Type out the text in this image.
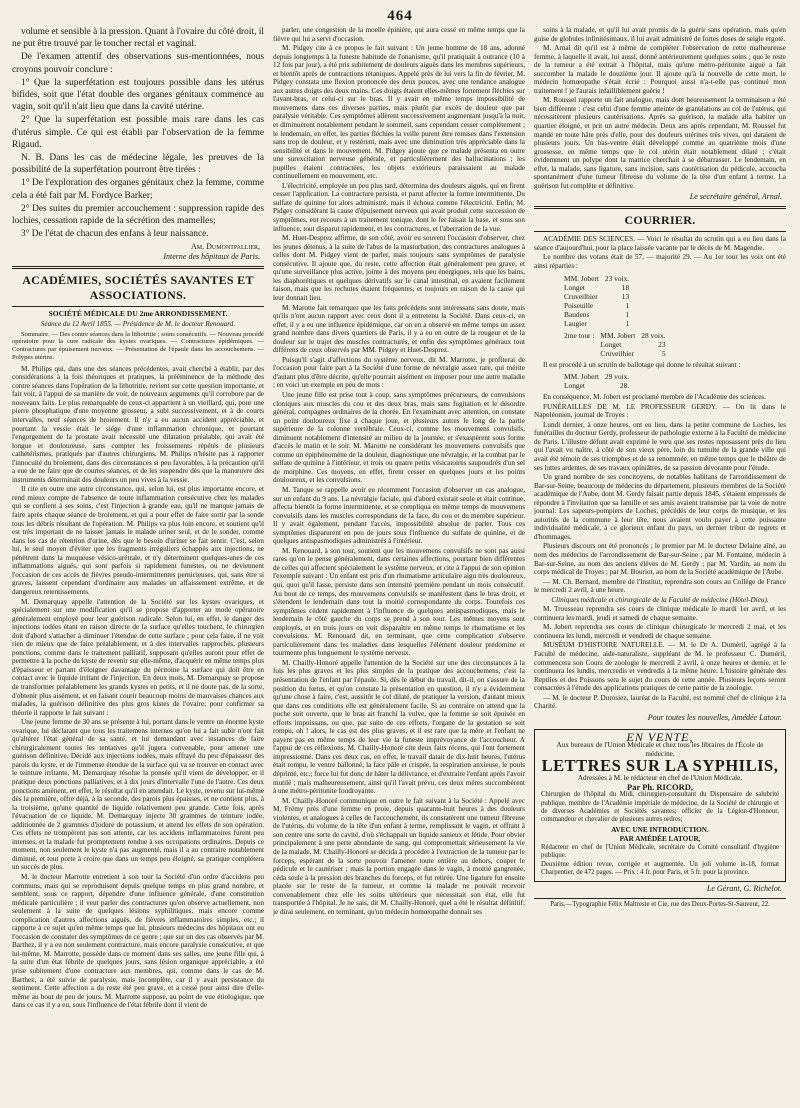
464

volume et sensible à la pression. Quant à l'ovaire du côté droit, il ne put être trouvé par le toucher rectal et vaginal.

De l'examen attentif des observations sus-mentionnées, nous croyons pouvoir conclure :

1° Que la superfétation est toujours possible dans les utérus bifides, soit que l'état double des organes génitaux commence au vagin, soit qu'il n'ait lieu que dans la cavité utérine.

2° Que la superfétation est possible mais rare dans les cas d'utérus simple. Ce qui est établi par l'observation de la femme Rigaud.

N. B. Dans les cas de médecine légale, les preuves de la possibilité de la superfétation pourront être tirées :

1° De l'exploration des organes génitaux chez la femme, comme cela a été fait par M. Fordyce Barker;

2° Des suites du premier accouchement : suppression rapide des lochies, cessation rapide de la sécrétion des mamelles;

3° De l'état de chacun des enfans à leur naissance.

Am. Dumontpallier,
Interne des hôpitaux de Paris.
ACADÉMIES, SOCIÉTÉS SAVANTES ET ASSOCIATIONS.
SOCIÉTÉ MÉDICALE DU 2me ARRONDISSEMENT.
Séance du 12 Avril 1855. — Présidence de M. le docteur Renouard.
Sommaire. — Des contre séances dans la lithotritie ; soins consécutifs. — Nouveau procédé opératoire pour la cure radicale des kystes ovariques. — Contractures épidémiques. — Contractures par épuisement nerveux. — Présentation de l'épaule dans les accouchemens. — Polypes utérins.

M. Philips qui, dans une des séances précédentes, avait cherché à établir, par des considérations à la fois théoriques et pratiques, la prééminence de la méthode des contre séances dans l'opération de la lithotritie, revient sur cette question importante, et fait voir, à l'appui de sa manière de voir, de nouveaux arguments qu'il corrobore par de nouveaux faits. Le plus remarquable de ceux-ci appartient à un vieillard, qui, pour une pierre phosphatique d'une moyenne grosseur, a subi successivement, et à de courts intervalles, neuf séances de broiement. Il n'y a eu aucun accident appréciable, et pourtant la vessie était le siége d'une inflammation chronique, et pourtant l'engorgement de la prostate avait nécessité une dilatation préalable, qui avait été longue et douloureuse, sans compter les froissements répétés de plusieurs cathétérismes, pratiqués par d'autres chirurgiens. M. Philips n'hésite pas à rapporter l'innocuité du broiement, dans des circonstances si peu favorables, à la précaution qu'il a eue de ne faire que de courtes séances, et de les suspendre dès que la manœuvre des instruments déterminait des douleurs un peu vives à la vessie.

Il cite en outre une autre circonstance, qui, selon lui, est plus importante encore, et rend mieux compte de l'absence de toute inflammation consécutive chez les malades qui se confient à ses soins, c'est l'injection à grande eau, qu'il ne manque jamais de faire après chaque séance de broiement, et qui a pour effet de faire sortir par la sonde tous les débris résultant de l'opération. M. Philips va plus loin encore, et soutient qu'il est très important de ne laisser jamais le malade uriner seul, et de le sonder, comme dans les cas de rétention d'urine, dès que le besoin d'uriner se fait sentir. C'est, selon lui, le seul moyen d'éviter que les fragments irréguliers échappés aux injections, ne pénètrent dans la muqueuse vésico-urétrale, et n'y déterminent quelques-unes de ces inflammations aiguës, qui sont parfois si rapidement funestes, ou ne deviennent l'occasion de ces accès de fièvres pseudo-intermittentes pernicieuses, qui, sans être si graves, laissent cependant d'ordinaire aux malades un affaissement extrême, et de dangereux retentissements.

M. Demarquay appelle l'attention de la Société sur les kystes ovariques, et spécialement sur une modification qu'il se propose d'apporter au mode opératoire généralement employé pour leur guérison radicale. Selon lui, en effet, le danger des injections iodées étant en raison directe de la surface qu'elles touchent, le chirurgien doit d'abord s'attacher à diminuer l'étendue de cette surface ; pour cela faire, il ne voit rien de mieux que de faire préalablement, et à des intervalles rapprochés, plusieurs ponctions, comme dans le traitement palliatif, supposant qu'elles auront pour effet de permettre à la poche du kyste de revenir sur elle-même, d'acquérir en même temps plus d'épaisseur et partant d'éloigner davantage du péritoine la surface qui doit être en contact avec le liquide irritant de l'injection. En deux mots, M. Demarquay se propose de transformer préalablement les grands kystes en petits, et il ne doute pas, de la sorte, d'obtenir plus aisément, et en faisant courir beaucoup moins de mauvaises chances aux malades, la guérison définitive des plus gros kistes de l'ovaire; pour confirmer sa théorie il rapporte le fait suivant :

Une jeune femme de 30 ans se présente à lui, portant dans le ventre un énorme kyste ovarique, lui déclarant que tous les traitemens internes qu'on lui a fait subir n'ont fait qu'altérer l'état général de sa santé, et lui demandant avec instances de faire chirurgicalement toutes les tentatives qu'il jugera convenable, pour amener une guérison définitive. Décidé aux injections iodées, mais effrayé du peu d'épaisseur des parois du kyste, et de l'immense étendue de la surface qui va se trouver en contact avec le teinture irritante, M. Demarquay résolue la ponsée qu'il vient de développer, et il pratique deux ponctions palliatives, et à dix jours d'intervalle l'une de l'autre. Ces deux ponctions amènent, en effet, le résultat qu'il en attendait. Le kyste, revenu sur lui-même dès la première, offre déjà, à la seconde, des parois plus épaisses, et ne contient plus, à la troisième, qu'une quantité de liquide relativement peu grande. Cette fois, après l'évacuation de ce liquide, M. Demarquay injecte 30 grammes de teinture iodée, additionnée de 2 grammes d'iodure de potassium, et attend les effets de son opération. Ces effets ne trompèrent pas son attente, car les accidens inflammatoires furent peu intenses, et la malade fut promptement rendue à ses occupations ordinaires. Depuis ce moment, non seulement le kyste n'a pas augmenté, mais il a au contraire notablement diminué, et tout porte à croire que dans un temps peu éloigné, sa pratique complétera un succès de plus.

M. le docteur Marrotte entretient à son tour la Société d'un ordre d'accidens peu communs, mais qui se reproduisent depuis quelque temps en plus grand nombre, et semblent, sous ce rapport, dépendre d'une influence générale, d'une constitution médicale particulière ; il veut parler des contractures qu'on observe actuellement, non seulement à la suite de quelques lésions syphilitiques, mais encore comme complication d'autres affections aiguës, de fièvres inflammatoires simples, etc.; il rapporte à ce sujet qu'en même temps que lui, plusieurs médecins des hôpitaux ont eu l'occasion de constater des symptômes de ce genre ; que sur un des cas observés par M. Barthez, il y a eu non seulement contracture, mais encore paralysie consécutive, et que lui-même, M. Marrotte, possède dans ce moment dans ses salles, une jeune fille qui, à la suite d'un état fébrile de quelques jours, sans lésion organique appréciable, a été prise subitement d'une contracture aux membres, qui, comme dans le cas de M. Barthez, a été suivie de paralysie, mais incomplète, car il y avait persistance du sentiment. Cette affection a du reste été peu grave, et a cessé pour ainsi dire d'elle-même au bout de peu de jours. M. Marrotte suppose, au point de vue étiologique, que dans ce cas il y a eu, sous l'influence de l'état fébrile dont il vient de

parler, une congestion de la moelle épinière, qui aura cessé en même temps que la fièvre qui lui a servi d'occasion.

M. Pidgey cite à ce propos le fait suivant : Un jeune homme de 18 ans, adonné depuis longtemps à la funeste habitude de l'onanisme, qu'il pratiquait à outrance (10 à 12 fois par jour), a été pris subitement de douleurs aiguës dans les membres supérieurs, et bientôt après de contractions tétaniques. Appelé près de lui vers la fin de février, M. Pidgey constata une flexion prononcée des deux pouces, avec une tendance analogue aux autres doigts des deux mains. Ces doigts étaient elles-mêmes fortement fléchies sur l'avant-bras, et celui-ci sur le bras. Il y avait en même temps impossibilité de mouvemens dans ces diverses parties, mais plutôt par excès de douleur que par paralysie véritable. Ces symptômes allèrent successivement augmentant jusqu'à la nuit, et diminuèrent notablement pendant le sommeil, sans cependant cesser complètement ; le lendemain, en effet, les parties fléchies la veille purent être remises dans l'extension sans trop de douleur, et y restèrent, mais avec une diminution très appréciable dans la sensibilité et dans le mouvement. M. Pidgey ajoute que ce malade présenta en outre une surexcitation nerveuse générale, et particulièrement des hallucinations ; les pupilles étaient contractées, les objets extérieurs paraissaient au malade continuellement en mouvement, etc.

L'électricité, employée un peu plus tard, détermina des douleurs aiguës, qui en firent cesser l'application. La contracture persista, et parut affecter la forme intermittente. Du sulfate de quinine fut alors administré, mais il échoua comme l'électricité. Enfin, M. Pidgey considérant la cause d'épuisement nerveux qui avait produit cette succession de symptômes, eut recours à un traitement tonique, dont le fer faisait la base, et sous son influence, tout disparut rapidement, et les contractures, et l'aberration de la vue.

M. Huet-Desprez affirme, de son côté, avoir eu souvent l'occasion d'observer, chez les jeunes détenus, à la suite de l'abus de la masturbation, des contractures analogues à celles dont M. Pidgey vient de parler, mais toujours sans symptômes de paralysie consécutive. Il ajoute que, du reste, cette affection était généralement peu grave, et qu'une surveillance plus active, jointe à des moyens peu énergiques, tels que les bains, les diaphorétiques et quelques dérivatifs sur le canal intestinal, en avaient facilement raison, mais que les rechutes étaient fréquentes, et toujours en raison de la cause qui leur donnait lieu.

M. Marotte fait remarquer que les faits précédens sont intéressans sans doute, mais qu'ils n'ont aucun rapport avec ceux dont il a entretenu la Société. Dans ceux-ci, en effet, il y a eu une influence épidémique, car on en a observé en même temps un assez grand nombre dans divers quartiers de Paris, il y a eu en outre de la rougeur et de la douleur sur le trajet des muscles contracturés, et enfin des symptômes généraux tout différens de ceux observés par MM. Pidgey et Huet-Desprez.

Puisqu'il s'agit d'affections du système nerveux, dit M. Marrotte, je profiterai de l'occasion pour faire part à la Société d'une forme de névralgie assez rare, qui mérite d'autant plus d'être décrite, qu'elle pourrait aisément en imposer pour une autre maladie ; en voici un exemple en peu de mots :

Une jeune fille est prise tout à coup, sans symptômes précurseurs, de convulsions cloniques aux muscles du cou et des deux bras, mais sans fugitation et le désordre général, compagnes ordinaires de la chorée. En l'examinant avec attention, on constate un point douloureux fixe à chaque joue, et plusieurs autres le long de la partie supérieure de la colonne vertébrale. Ceux-ci, comme les mouvemens convulsifs, diminuent notablement d'intensité au milieu de la journée, et s'exaspèrent sous forme d'accès le matin et le soir. M. Marotte ne considérant les mouvemens convulsifs que comme un épiphénomène de la douleur, diagnostique une névralgie, et la combat par le sulfate de quinine à l'intérieur, et trois ou quatre petits vésicatoires saupoudrés d'un sel de morphine. Ces moyens, en effet, firent cesser en quelques jours et les points douloureux, et les convulsions.

M. Tanque se rappelle avoir eu récemment l'occasion d'observer un cas analogue, sur un enfant du 9 ans. La névralgie faciale, qui d'abord existait seule et était continue, affecta bientôt la forme intermittente, et se compliqua en même temps de mouvemens convulsifs dans les muscles correspondans de la face, du cou et du membre supérieur. Il y avait également, pendant l'accès, impossibilité absolue de parler. Tous ces symptômes disparurent en peu de jours sous l'influence du sulfate de quinine, et de quelques antispasmodiques administrés à l'intérieur.

M. Renouard, à son tour, soutient que les mouvemens convulsifs ne sont pas aussi rares qu'on le pense généralement, dans certaines affections, pourtant bien différentes de celles qui affectent spécialement le système nerveux, et cite à l'appui de son opinion l'exemple suivant : Un enfant est pris d'un rhumatisme articulaire aigu très douloureux, qui, quoi qu'il fasse, persiste dans son intensité première pendant un mois consécutif. Au bout de ce temps, des mouvemens convulsifs se manifestent dans le bras droit, et s'étendent le lendemain dans tout la moitié correspondante du corps. Toutefois ces symptômes cèdent rapidement à l'influence de quelques antispasmodiques, mais le lendemain le côté gauche du corps se prend à son tour. Les mêmes moyens sont employés, et en trois jours on voit disparaître en même temps le rhumatisme et les convulsions. M. Renouard dit, en terminant, que cette complication s'observe particulièrement dans les maladies dans lesquelles l'élément douleur prédomine et tourmente plus longuement le système nerveux.

M. Chailly-Honoré appelle l'attention de la Société sur une des circonstances à la fois les plus graves et les plus simples de la pratique des accouchemens, c'est la présentation de l'enfant par l'épaule. Si, dès le début du travail, dit-il, on s'assure de la position du fœtus, et qu'on constate la présentation en question, il n'y a évidemment qu'une chose à faire, c'est, aussitôt le col dilaté, de pratiquer la version, d'autant mieux que dans ces conditions elle est généralement facile. Si au contraire on attend que la poche soit ouverte, que le bras ait franchi la vulve, que la femme se soit épuisée en efforts impuissans, ou que, par suite de ces efforts, l'organe de la gestation se soit rompu, oh ! alors, le cas est des plus graves, et il est rare que la mère et l'enfant ne payent pas en même temps de leur vie la funeste imprévoyance de l'accoucheur. A l'appui de ces réflexions, M. Chailly-Honoré cite deux faits récens, qui l'ont fortement impressionné. Dans ces deux cas, en effet, le travail datait de dix-huit heures, l'utérus était rompu, le ventre ballonné, la face pâle et crispée, la respiration anxieuse, le pouls déprimé, etc.; force lui fut donc de hâter la délivrance, et d'extraire l'enfant après l'avoir mutilé ; mais malheureusement, ainsi qu'il l'avait prévu, ces deux mères succombèrent à une métro-péritonite foudroyante.

M. Chailly-Honoré communique en outre le fait suivant à la Société : Appelé avec M. Frémy près d'une femme en proie, depuis quarante-huit heures à des douleurs violentes, et analogues à celles de l'accouchement, ils constatèrent une tumeur fibreuse de l'utérus, du volume de la tête d'un enfant à terme, remplissant le vagin, et offrant à son centre une sorte de cavité, d'où s'échappait un liquide sanieux et fétide. Pour obvier principalement à une perte abondante de sang, qui compromettait sérieusement la vie de la malade, M. Chailly-Honoré se décida à procéder à l'extraction de la tumeur par le forceps, espérant de la sorte pouvoir l'amener toute entière au dehors, couper le pédicule et le cautériser ; mais la portion engagée dans le vagin, à moitié gangrenée, céda seule à la pression des branches du forceps, et fut retirée. Une ligature fut ensuite placée sur le reste de la tumeur, et comme la malade ne pouvait recevoir convenablement chez elle les soins ultérieurs que nécessitait son état, elle fut transportée à l'hôpital. Je ne sais, dit M. Chailly-Honoré, quel a été le résultat définitif; je dirai seulement, en terminant, qu'un médecin homœopathe donnait ses

soins à la malade, et qu'il lui avait promis de la guérir sans opération, mais qu'en guise de globules infinitésimaux, il lui avait administré de fortes doses de seigle ergoté.

M. Arnal dit qu'il est à même de compléter l'observation de cette malheureuse femme, à laquelle il avait, lui aussi, donné antérieurement quelques soins ; que le reste de la tumeur a été extrait à l'hôpital, mais qu'une métro-péritonite aiguë a fait succomber la malade le douzième jour. Il ajoute qu'à la nouvelle de cette mort, le médecin homœopathe s'était écrié : Pourquoi aussi n'a-t-elle pas continué mon traitement ! je l'aurais infailliblement guérie !

M. Roussel rapporte un fait analogue, mais dont heureusement la terminaison a été bien différente : c'est celui d'une femme atteinte de granulations au col de l'utérus, qui nécessitèrent plusieurs cautérisations. Après sa guérison, la malade alla habiter un quartier éloigné, et prit un autre médecin. Deux ans après cependant, M. Roussel fut mandé en toute hâte près d'elle, pour des douleurs utérines très vives, qui dataient de plusieurs jours. Un bas-ventre était développé comme au quatrième mois d'une grossesse, en même temps que le col utérin était notablement dilaté ; c'était évidemment un polype dont la matrice cherchait à se débarrasser. Le lendemain, en effet, la malade, sans ligature, sans incision, sans cautérisation du pédicule, accoucha spontanément d'une tumeur fibreuse du volume de la tête d'un enfant à terme. La guérison fut complète et définitive.

Le secrétaire général, Arnal.
COURRIER.

ACADÉMIE DES SCIENCES. — Voici le résultat du scrutin qui a eu lieu dans la séance d'aujourd'hui, pour la place laissée vacante par le décès de M. Magendie.

Le nombre des votans était de 57, — majorité 29. — Au 1er tour les voix ont été ainsi réparties :

MM. Jobert	23 voix.
Longet	18
Cruveilhier	13
Poiseuille	1
Baudens	1
Laugier	1
2me tour :	MM. Jobert	28 voix.
	Longet	23
	Cruveilhier	5

Il est procédé à un scrutin de ballotage qui donne le résultat suivant :

MM. Jobert	29 voix.
Longet	28.

En conséquence, M. Jobert est proclamé membre de l'Académie des sciences.

FUNÉRAILLES DE M. LE PROFESSEUR GERDY. — On lit dans le Napoléonien, journal de Troyes :

Lundi dernier, à onze heures, ont eu lieu, dans la petite commune de Loches, les funérailles du docteur Gerdy, professeur de pathologie externe à la Faculté de médecine de Paris. L'illustre défunt avait exprimé le vœu que ses restes reposassent près du lieu qui l'avait vu naître, à côté de son vieux père, loin du tumulte de la grande ville qui avait été témoin de ses triomphes et de sa renommée, en même temps que le théâtre de ses luttes ardentes, de ses travaux opiniâtres, de sa passion dévorante pour l'étude.

Un grand nombre de ses concitoyens, de notables habitans de l'arrondissement de Bar-sur-Seine, beaucoup de médecins du département, plusieurs membres de la Société académique de l'Aube, dont M. Gerdy faisait partie depuis 1845, s'étaient empressés de répondre à l'invitation que sa famille et ses amis avaient transmise par la voie de notre journal. Les sapeurs-pompiers de Loches, précédés de leur corps de musique, et les autorités de la commune à leur tête, nous avaient voulu payer à cette puissante individualité médicale, à ce glorieux enfant du pays, un dernier tribut de regrets et d'hommages.

Plusieurs discours ont été prononcés ; le premier par M. le docteur Delaine aîné, au nom des médecins de l'arrondissement de Bar-sur-Seine ; par M. Fontaine, médecin à Bar-sur-Seine, au nom des anciens élèves de M. Gerdy ; par M. Vardin, au nom du corps médical de Troyes ; par M. Bouriot, au nom de la Société académique de l'Aube.

— M. Ch. Bernard, membre de l'Institut, reprendra son cours au Collège de France le mercredi 2 avril, à une heure.

Cliniques médicale et chirurgicale de la Faculté de médecine (Hôtel-Dieu).

M. Trousseau reprendra ses cours de clinique médicale le mardi 1er avril, et les continuera les mardi, jeudi et samedi de chaque semaine.

M. Jobert reprendra ses cours de clinique chirurgicale le mercredi 2 mai, et les continuera les lundi, mercredi et vendredi de chaque semaine.

MUSÉUM D'HISTOIRE NATURELLE. — M. le Dr A. Duméril, agrégé à la Faculté de médecine, aide-naturaliste, suppléant de M. le professeur C. Duméril, commencera son Cours de zoologie le mercredi 2 avril, à onze heures et demie, et le continuera les lundis, mercredis et vendredis à la même heure. L'histoire générale des Reptiles et des Poissons sera le sujet du cours de cette année. Plusieurs leçons seront consacrées à l'étude des applications pratiques de cette partie de la zoologie.

— M. le docteur P. Durosiez, lauréat de la Faculté, est nommé chef de clinique à la Charité.

Pour toutes les nouvelles, Amédée Latour.
EN VENTE,
Aux bureaux de l'Union Médicale et chez tous les libraires de l'École de médecine,
LETTRES SUR LA SYPHILIS,
Adressées à M. le rédacteur en chef de l'Union Médicale,
Par Ph. RICORD,
Chirurgien de l'hôpital du Midi, chirurgien-consultant du Dispensaire de salubrité publique, membre de l'Académie impériale de médecine, de la Société de chirurgie et de diverses Académies et Sociétés savantes; officier de la Légion-d'Honneur, commandeur et chevalier de plusieurs autres ordres;
AVEC UNE INTRODUCTION.
PAR AMÉDÉE LATOUR,
Rédacteur en chef de l'Union Médicale, secrétaire du Comité consultatif d'hygiène publique.
Deuxième édition revue, corrigée et augmentée. Un joli volume in-18, format Charpentier, de 472 pages. — Prix : 4 fr. pour Paris, et 5 fr. pour la province.
Le Gérant, G. Richelot.
Paris.—Typographie Félix Maltreste et Cie, rue des Deux-Portes-St-Sauveur, 22.
